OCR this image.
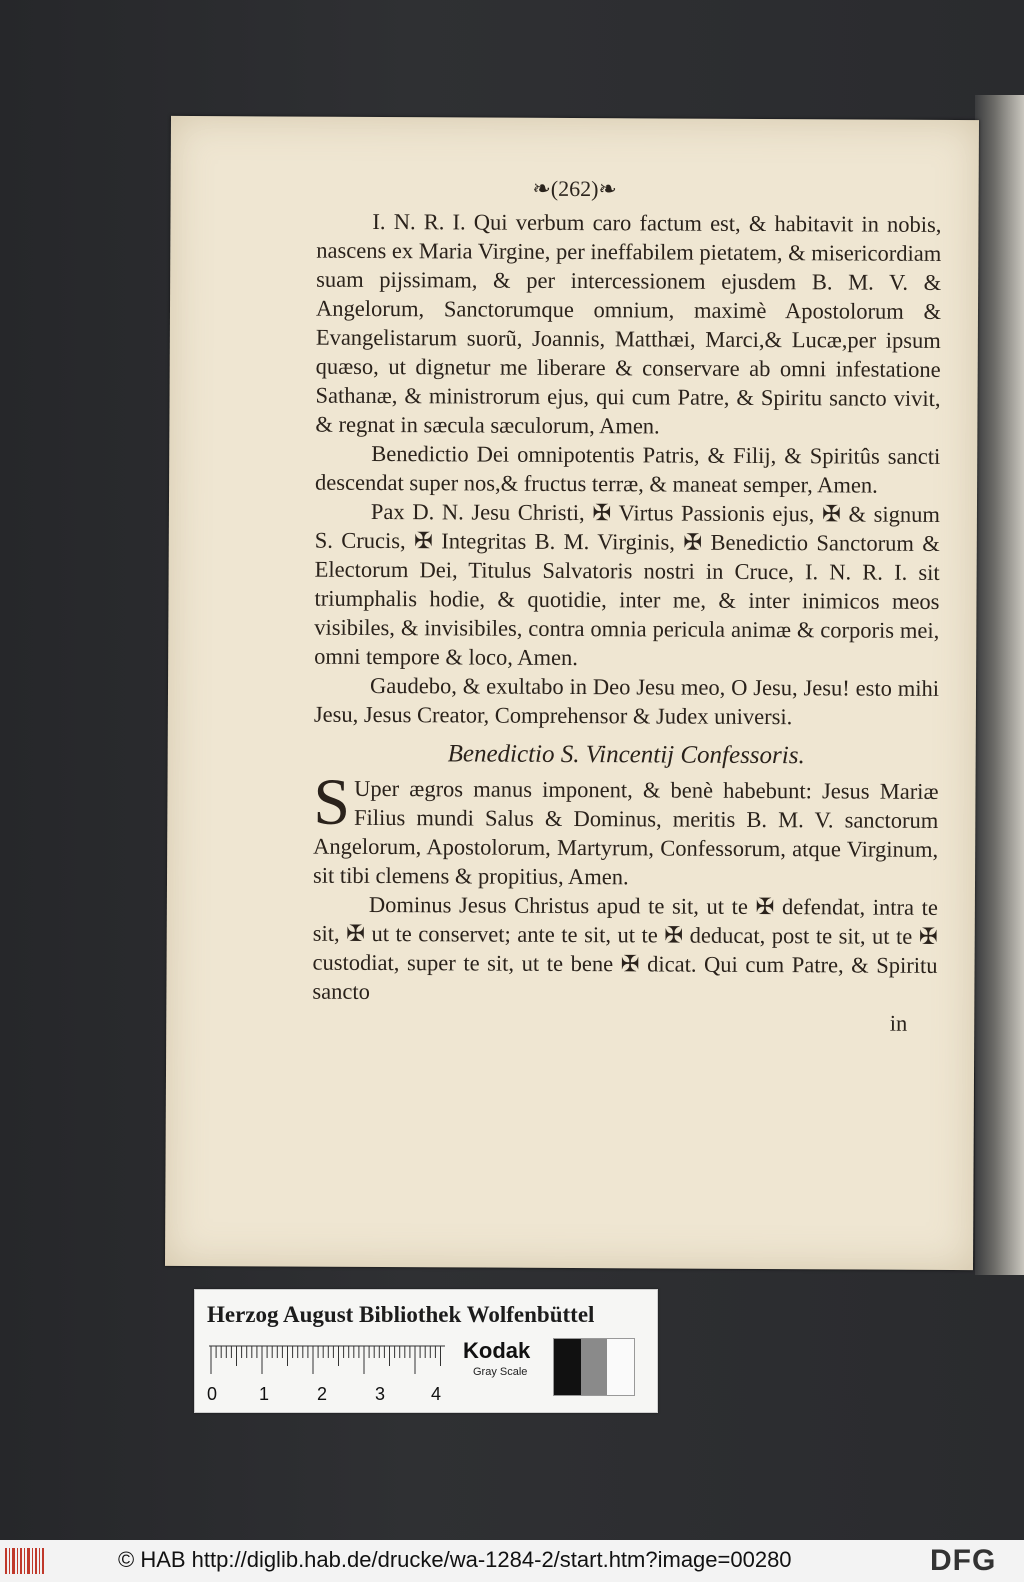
❧(262)❧

I. N. R. I. Qui verbum caro factum est, & habitavit in nobis, nascens ex Maria Virgine, per ineffabilem pietatem, & misericordiam suam pijssimam, & per intercessionem ejusdem B. M. V. & Angelorum, Sanctorumque omnium, maximè Apostolorum & Evangelistarum suorũ, Joannis, Matthæi, Marci,& Lucæ,per ipsum quæso, ut dignetur me liberare & conservare ab omni infestatione Sathanæ, & ministrorum ejus, qui cum Patre, & Spiritu sancto vivit, & regnat in sæcula sæculorum, Amen.

Benedictio Dei omnipotentis Patris, & Filij, & Spiritûs sancti descendat super nos,& fructus terræ, & maneat semper, Amen.

Pax D. N. Jesu Christi, ✠ Virtus Passionis ejus, ✠ & signum S. Crucis, ✠ Integritas B. M. Virginis, ✠ Benedictio Sanctorum & Electorum Dei, Titulus Salvatoris nostri in Cruce, I. N. R. I. sit triumphalis hodie, & quotidie, inter me, & inter inimicos meos visibiles, & invisibiles, contra omnia pericula animæ & corporis mei, omni tempore & loco, Amen.

Gaudebo, & exultabo in Deo Jesu meo, O Jesu, Jesu! esto mihi Jesu, Jesus Creator, Comprehensor & Judex universi.

Benedictio S. Vincentij Confessoris.

S Uper ægros manus imponent, & benè habebunt: Jesus Mariæ Filius mundi Salus & Dominus, meritis B. M. V. sanctorum Angelorum, Apostolorum, Martyrum, Confessorum, atque Virginum, sit tibi clemens & propitius, Amen.

Dominus Jesus Christus apud te sit, ut te ✠ defendat, intra te sit, ✠ ut te conservet; ante te sit, ut te ✠ deducat, post te sit, ut te ✠ custodiat, super te sit, ut te bene ✠ dicat. Qui cum Patre, & Spiritu sancto

in

Herzog August Bibliothek Wolfenbüttel
0 1	2	3	4
Kodak
Gray Scale
© HAB http://diglib.hab.de/drucke/wa-1284-2/start.htm?image=00280	DFG
